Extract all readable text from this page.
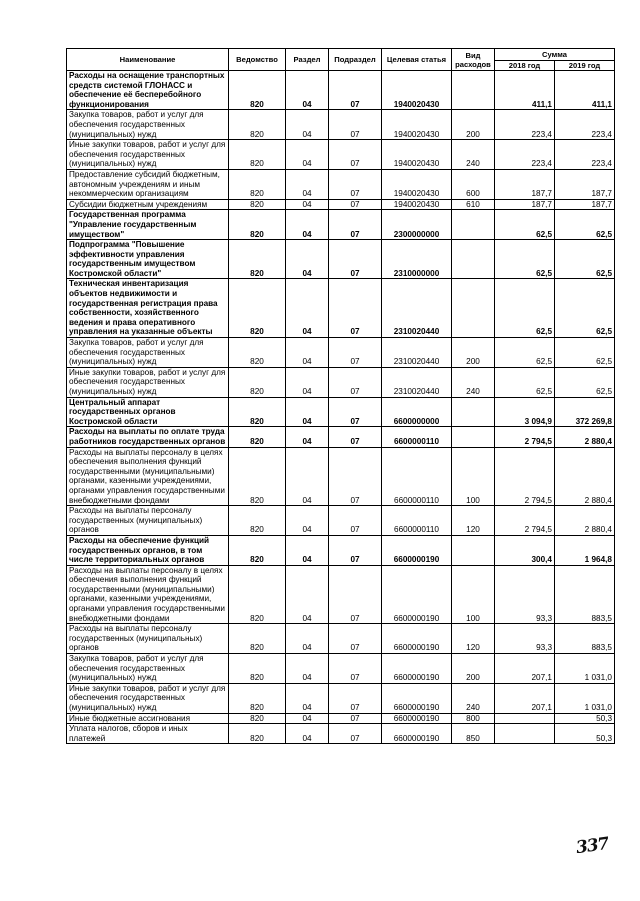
Наименование	Ведомство	Раздел	Подраздел	Целевая статья	Вид расходов	Сумма	
						2018 год	2019 год
Расходы на оснащение транспортных средств системой ГЛОНАСС и обеспечение её бесперебойного функционирования	820	04	07	1940020430		411,1	411,1
Закупка товаров, работ и услуг для обеспечения государственных (муниципальных) нужд	820	04	07	1940020430	200	223,4	223,4
Иные закупки товаров, работ и услуг для обеспечения государственных (муниципальных) нужд	820	04	07	1940020430	240	223,4	223,4
Предоставление субсидий бюджетным, автономным учреждениям и иным некоммерческим организациям	820	04	07	1940020430	600	187,7	187,7
Субсидии бюджетным учреждениям	820	04	07	1940020430	610	187,7	187,7
Государственная программа "Управление государственным имуществом"	820	04	07	2300000000		62,5	62,5
Подпрограмма "Повышение эффективности управления государственным имуществом Костромской области"	820	04	07	2310000000		62,5	62,5
Техническая инвентаризация объектов недвижимости и государственная регистрация права собственности, хозяйственного ведения и права оперативного управления на указанные объекты	820	04	07	2310020440		62,5	62,5
Закупка товаров, работ и услуг для обеспечения государственных (муниципальных) нужд	820	04	07	2310020440	200	62,5	62,5
Иные закупки товаров, работ и услуг для обеспечения государственных (муниципальных) нужд	820	04	07	2310020440	240	62,5	62,5
Центральный аппарат государственных органов Костромской области	820	04	07	6600000000		3 094,9	372 269,8
Расходы на выплаты по оплате труда работников государственных органов	820	04	07	6600000110		2 794,5	2 880,4
Расходы на выплаты персоналу в целях обеспечения выполнения функций государственными (муниципальными) органами, казенными учреждениями, органами управления государственными внебюджетными фондами	820	04	07	6600000110	100	2 794,5	2 880,4
Расходы на выплаты персоналу государственных (муниципальных) органов	820	04	07	6600000110	120	2 794,5	2 880,4
Расходы на обеспечение функций государственных органов, в том числе территориальных органов	820	04	07	6600000190		300,4	1 964,8
Расходы на выплаты персоналу в целях обеспечения выполнения функций государственными (муниципальными) органами, казенными учреждениями, органами управления государственными внебюджетными фондами	820	04	07	6600000190	100	93,3	883,5
Расходы на выплаты персоналу государственных (муниципальных) органов	820	04	07	6600000190	120	93,3	883,5
Закупка товаров, работ и услуг для обеспечения государственных (муниципальных) нужд	820	04	07	6600000190	200	207,1	1 031,0
Иные закупки товаров, работ и услуг для обеспечения государственных (муниципальных) нужд	820	04	07	6600000190	240	207,1	1 031,0
Иные бюджетные ассигнования	820	04	07	6600000190	800		50,3
Уплата налогов, сборов и иных платежей	820	04	07	6600000190	850		50,3
337
